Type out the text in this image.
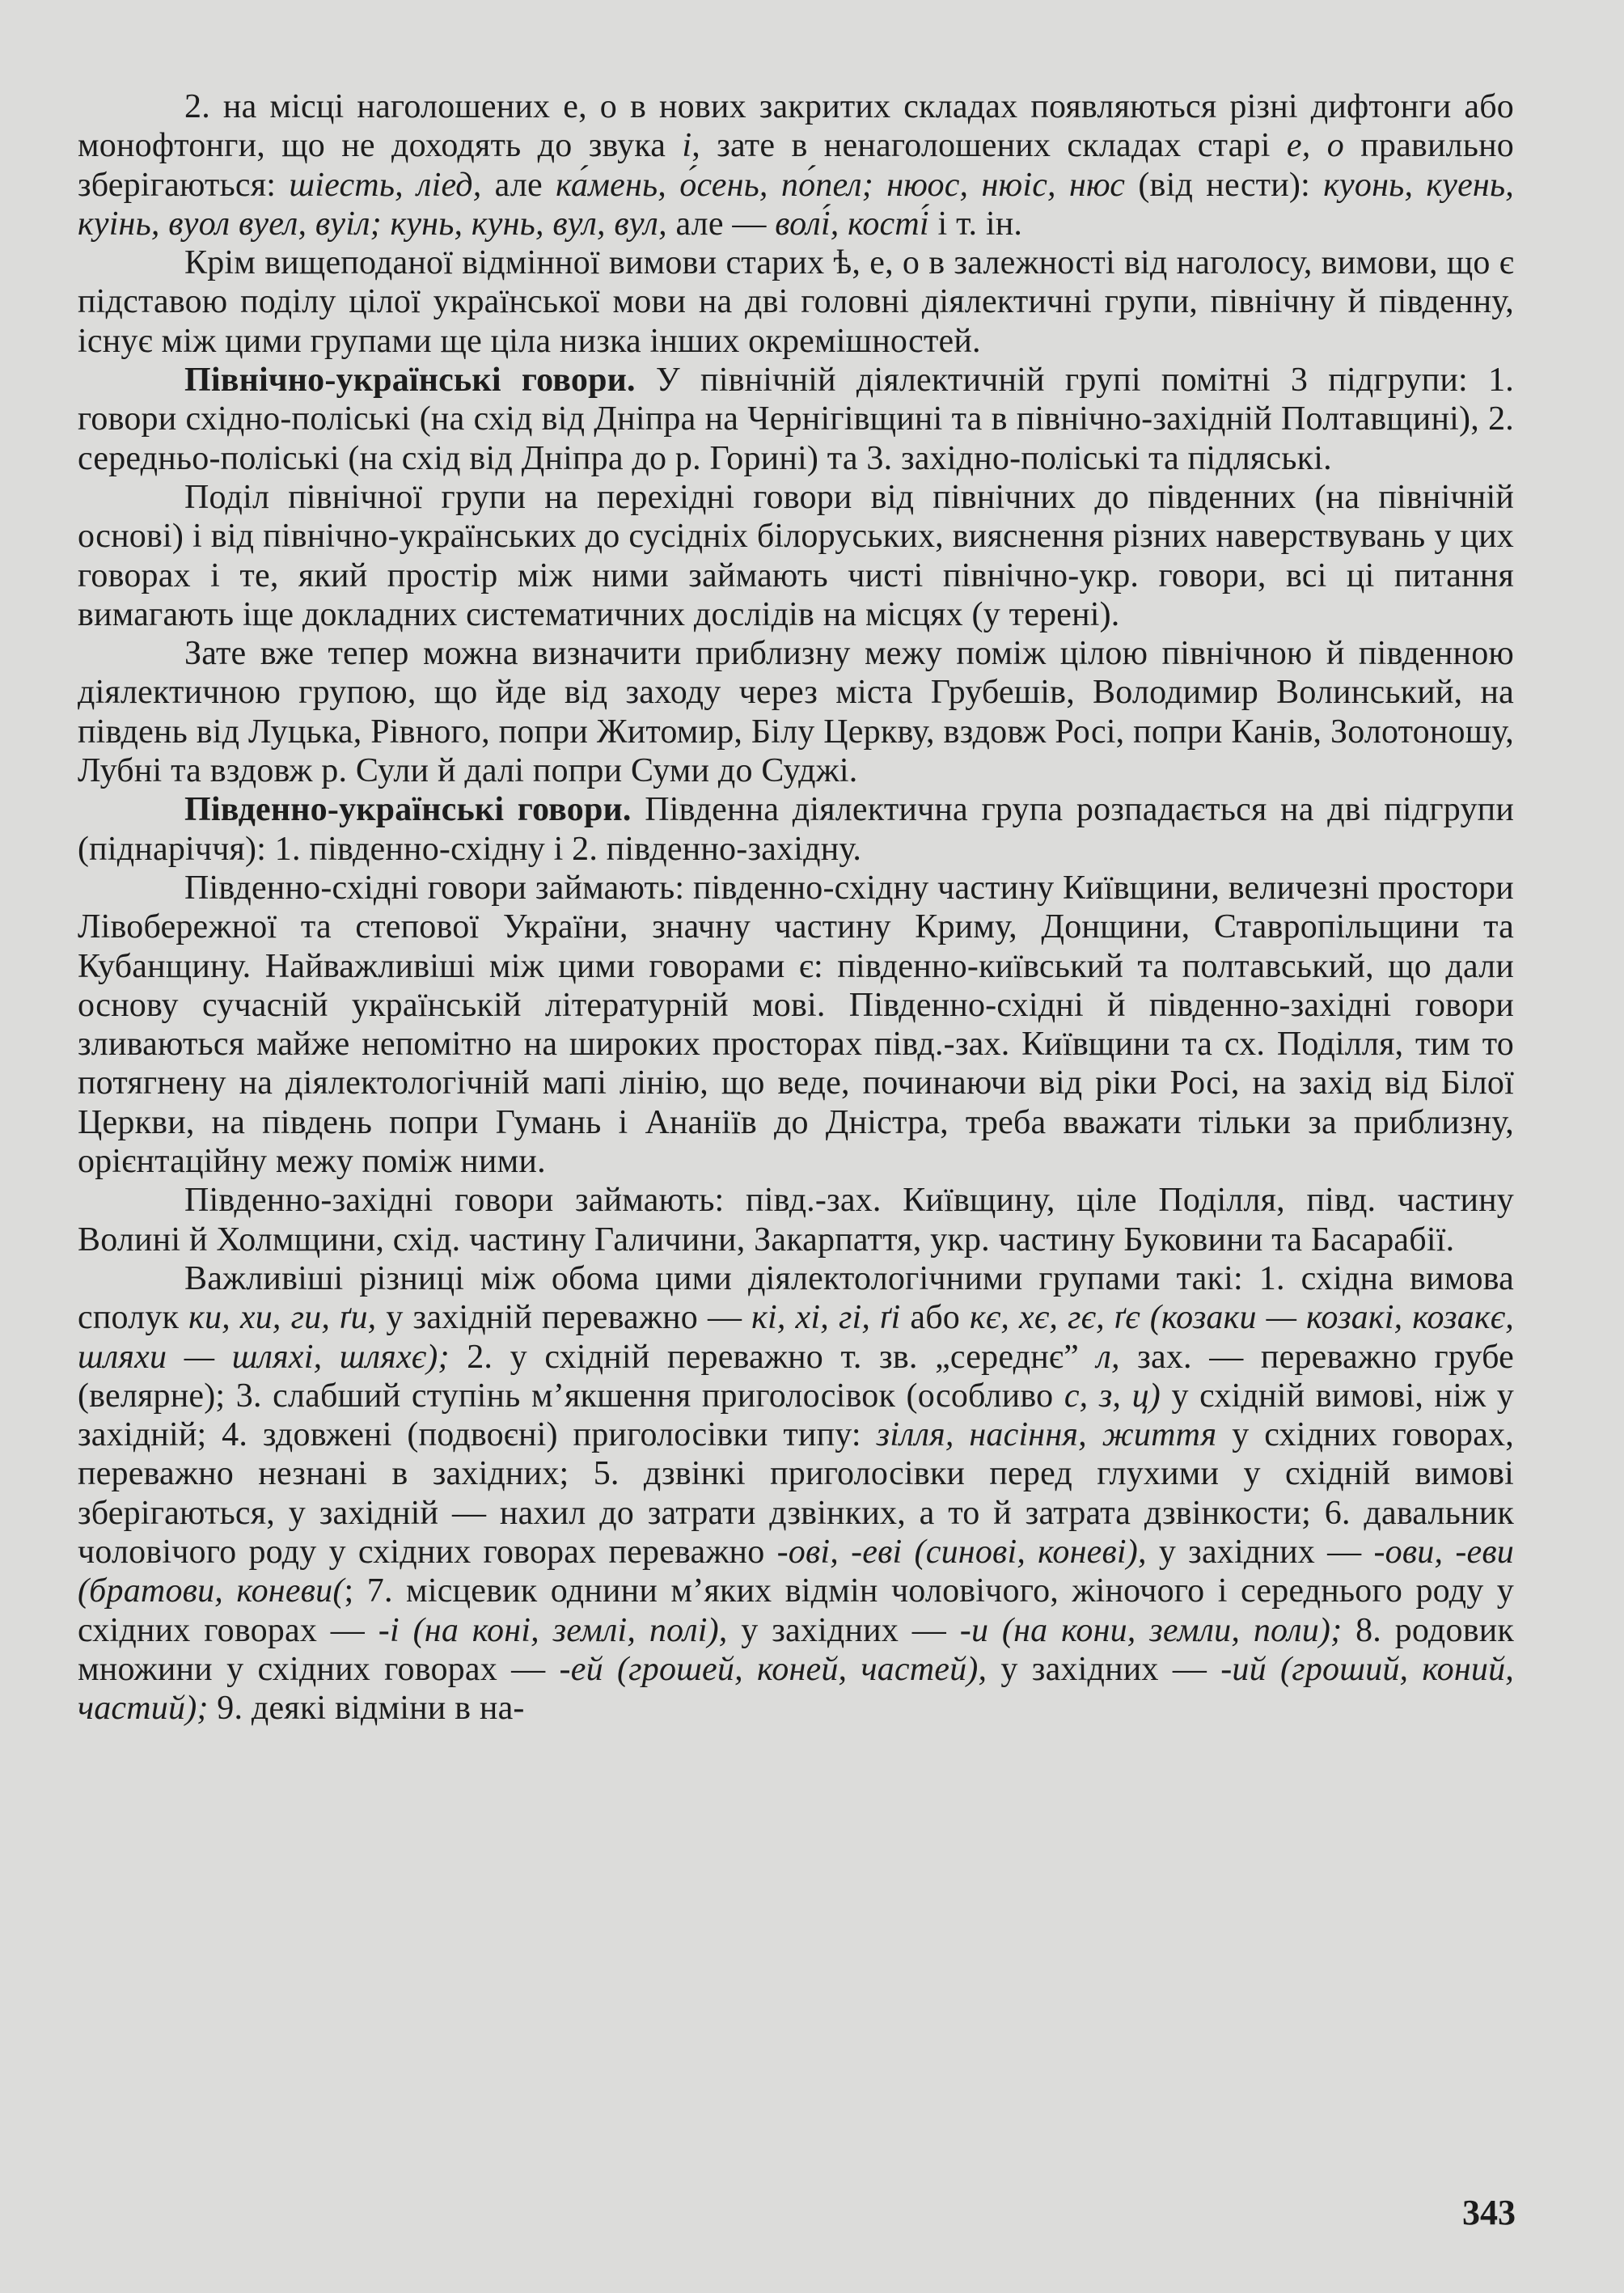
2. на місці наголошених е, о в нових закритих складах появляються різні дифтонги або монофтонги, що не доходять до звука і, зате в ненаголошених складах старі е, о правильно зберігаються: шіесть, ліед, але ка́мень, о́сень, по́пел; нюос, нюіс, нюс (від нести): куонь, куень, куінь, вуол вуел, вуіл; кунь, кунь, вул, вул, але — волі́, кості́ і т. ін.

Крім вищеподаної відмінної вимови старих ѣ, е, о в залежності від наголосу, вимови, що є підставою поділу цілої української мови на дві головні діялектичні групи, північну й південну, існує між цими групами ще ціла низка інших окремішностей.

Північно-українські говори. У північній діялектичній групі помітні 3 підгрупи: 1. говори східно-поліські (на схід від Дніпра на Чернігівщині та в північно-західній Полтавщині), 2. середньо-поліські (на схід від Дніпра до р. Горині) та 3. західно-поліські та підляські.

Поділ північної групи на перехідні говори від північних до південних (на північній основі) і від північно-українських до сусідніх білоруських, вияснення різних наверствувань у цих говорах і те, який простір між ними займають чисті північно-укр. говори, всі ці питання вимагають іще докладних систематичних дослідів на місцях (у терені).

Зате вже тепер можна визначити приблизну межу поміж цілою північною й південною діялектичною групою, що йде від заходу через міста Грубешів, Володимир Волинський, на південь від Луцька, Рівного, попри Житомир, Білу Церкву, вздовж Росі, попри Канів, Золотоношу, Лубні та вздовж р. Сули й далі попри Суми до Суджі.

Південно-українські говори. Південна діялектична група розпадається на дві підгрупи (піднаріччя): 1. південно-східну і 2. південно-західну.

Південно-східні говори займають: південно-східну частину Київщини, величезні простори Лівобережної та степової України, значну частину Криму, Донщини, Ставропільщини та Кубанщину. Найважливіші між цими говорами є: південно-київський та полтавський, що дали основу сучасній українській літературній мові. Південно-східні й південно-західні говори зливаються майже непомітно на широких просторах півд.-зах. Київщини та сх. Поділля, тим то потягнену на діялектологічній мапі лінію, що веде, починаючи від ріки Росі, на захід від Білої Церкви, на південь попри Гумань і Ананіїв до Дністра, треба вважати тільки за приблизну, орієнтаційну межу поміж ними.

Південно-західні говори займають: півд.-зах. Київщину, ціле Поділля, півд. частину Волині й Холмщини, схід. частину Галичини, Закарпаття, укр. частину Буковини та Басарабії.

Важливіші різниці між обома цими діялектологічними групами такі: 1. східна вимова сполук ки, хи, ги, ґи, у західній переважно — кі, хі, гі, ґі або кє, хє, гє, ґє (козаки — козакі, козакє, шляхи — шляхі, шляхє); 2. у східній переважно т. зв. „середнє” л, зах. — переважно грубе (велярне); 3. слабший ступінь м’якшення приголосівок (особливо с, з, ц) у східній вимові, ніж у західній; 4. здовжені (подвоєні) приголосівки типу: зілля, насіння, життя у східних говорах, переважно незнані в західних; 5. дзвінкі приголосівки перед глухими у східній вимові зберігаються, у західній — нахил до затрати дзвінких, а то й затрата дзвінкости; 6. давальник чоловічого роду у східних говорах переважно -ові, -еві (синові, коневі), у західних — -ови, -еви (братови, коневи(; 7. місцевик однини м’яких відмін чоловічого, жіночого і середнього роду у східних говорах — -і (на коні, землі, полі), у західних — -и (на кони, земли, поли); 8. родовик множини у східних говорах — -ей (грошей, коней, частей), у західних — -ий (гроший, коний, частий); 9. деякі відміни в на-

343
